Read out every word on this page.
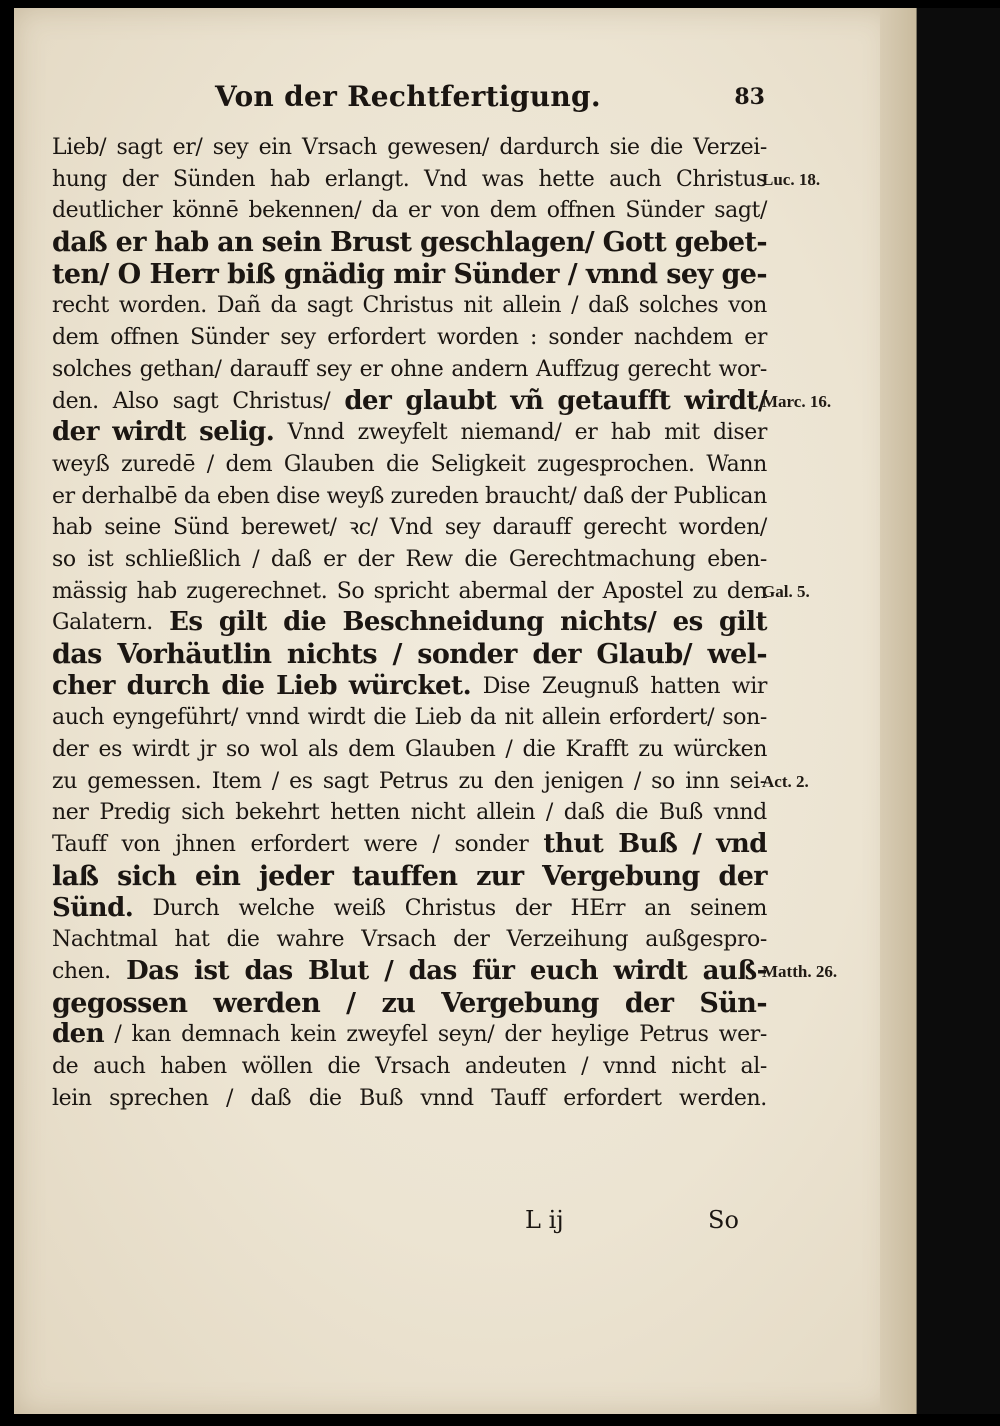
Von der Rechtfertigung.	83
Lieb/ sagt er/ sey ein Vrsach gewesen/ dardurch sie die Verzei-
hung der Sünden hab erlangt. Vnd was hette auch Christus
deutlicher könnē bekennen/ da er von dem offnen Sünder sagt/
daß er hab an sein Brust geschlagen/ Gott gebet-
ten/ O Herr biß gnädig mir Sünder / vnnd sey ge-
recht worden. Dañ da sagt Christus nit allein / daß solches von
dem offnen Sünder sey erfordert worden : sonder nachdem er
solches gethan/ darauff sey er ohne andern Auffzug gerecht wor-
den. Also sagt Christus/ der glaubt vñ getaufft wirdt/
der wirdt selig. Vnnd zweyfelt niemand/ er hab mit diser
weyß zuredē / dem Glauben die Seligkeit zugesprochen. Wann
er derhalbē da eben dise weyß zureden braucht/ daß der Publican
hab seine Sünd berewet/ ꝛc/ Vnd sey darauff gerecht worden/
so ist schließlich / daß er der Rew die Gerechtmachung eben-
mässig hab zugerechnet. So spricht abermal der Apostel zu den
Galatern. Es gilt die Beschneidung nichts/ es gilt
das Vorhäutlin nichts / sonder der Glaub/ wel-
cher durch die Lieb würcket. Dise Zeugnuß hatten wir
auch eyngeführt/ vnnd wirdt die Lieb da nit allein erfordert/ son-
der es wirdt jr so wol als dem Glauben / die Krafft zu würcken
zu gemessen. Item / es sagt Petrus zu den jenigen / so inn sei-
ner Predig sich bekehrt hetten nicht allein / daß die Buß vnnd
Tauff von jhnen erfordert were / sonder thut Buß / vnd
laß sich ein jeder tauffen zur Vergebung der
Sünd. Durch welche weiß Christus der HErr an seinem
Nachtmal hat die wahre Vrsach der Verzeihung außgespro-
chen. Das ist das Blut / das für euch wirdt auß-
gegossen werden / zu Vergebung der Sün-
den / kan demnach kein zweyfel seyn/ der heylige Petrus wer-
de auch haben wöllen die Vrsach andeuten / vnnd nicht al-
lein sprechen / daß die Buß vnnd Tauff erfordert werden.
Luc. 18.
Marc. 16.
Gal. 5.
Act. 2.
Matth. 26.
L ij	So
